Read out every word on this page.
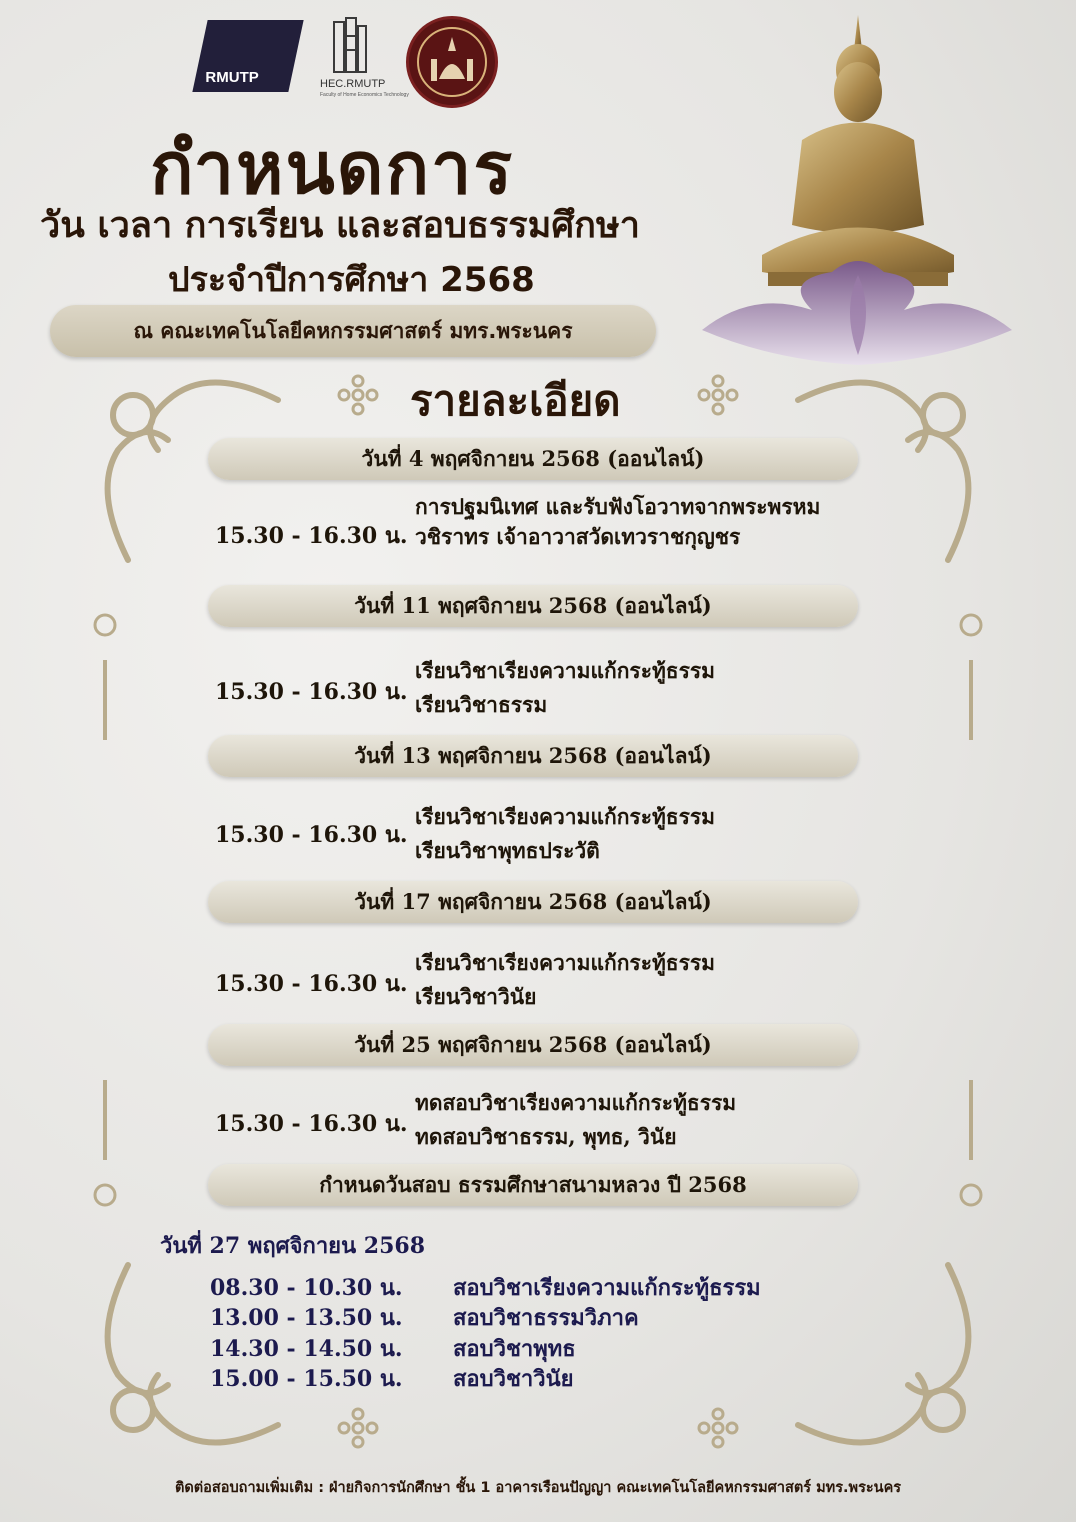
RMUTP	HEC.RMUTP
Faculty of Home Economics Technology
กำหนดการ
วัน เวลา การเรียน และสอบธรรมศึกษา
ประจำปีการศึกษา 2568
ณ คณะเทคโนโลยีคหกรรมศาสตร์ มทร.พระนคร
รายละเอียด
วันที่ 4 พฤศจิกายน 2568 (ออนไลน์)
15.30 - 16.30 น.
การปฐมนิเทศ และรับฟังโอวาทจากพระพรหมวชิราทร เจ้าอาวาสวัดเทวราชกุญชร
วันที่ 11 พฤศจิกายน 2568 (ออนไลน์)
15.30 - 16.30 น.
เรียนวิชาเรียงความแก้กระทู้ธรรม
เรียนวิชาธรรม
วันที่ 13 พฤศจิกายน 2568 (ออนไลน์)
15.30 - 16.30 น.
เรียนวิชาเรียงความแก้กระทู้ธรรม
เรียนวิชาพุทธประวัติ
วันที่ 17 พฤศจิกายน 2568 (ออนไลน์)
15.30 - 16.30 น.
เรียนวิชาเรียงความแก้กระทู้ธรรม
เรียนวิชาวินัย
วันที่ 25 พฤศจิกายน 2568 (ออนไลน์)
15.30 - 16.30 น.
ทดสอบวิชาเรียงความแก้กระทู้ธรรม
ทดสอบวิชาธรรม, พุทธ, วินัย
กำหนดวันสอบ ธรรมศึกษาสนามหลวง ปี 2568
วันที่ 27 พฤศจิกายน 2568
08.30 - 10.30 น. สอบวิชาเรียงความแก้กระทู้ธรรม
13.00 - 13.50 น. สอบวิชาธรรมวิภาค
14.30 - 14.50 น. สอบวิชาพุทธ
15.00 - 15.50 น. สอบวิชาวินัย
ติดต่อสอบถามเพิ่มเติม : ฝ่ายกิจการนักศึกษา ชั้น 1 อาคารเรือนปัญญา คณะเทคโนโลยีคหกรรมศาสตร์ มทร.พระนคร
